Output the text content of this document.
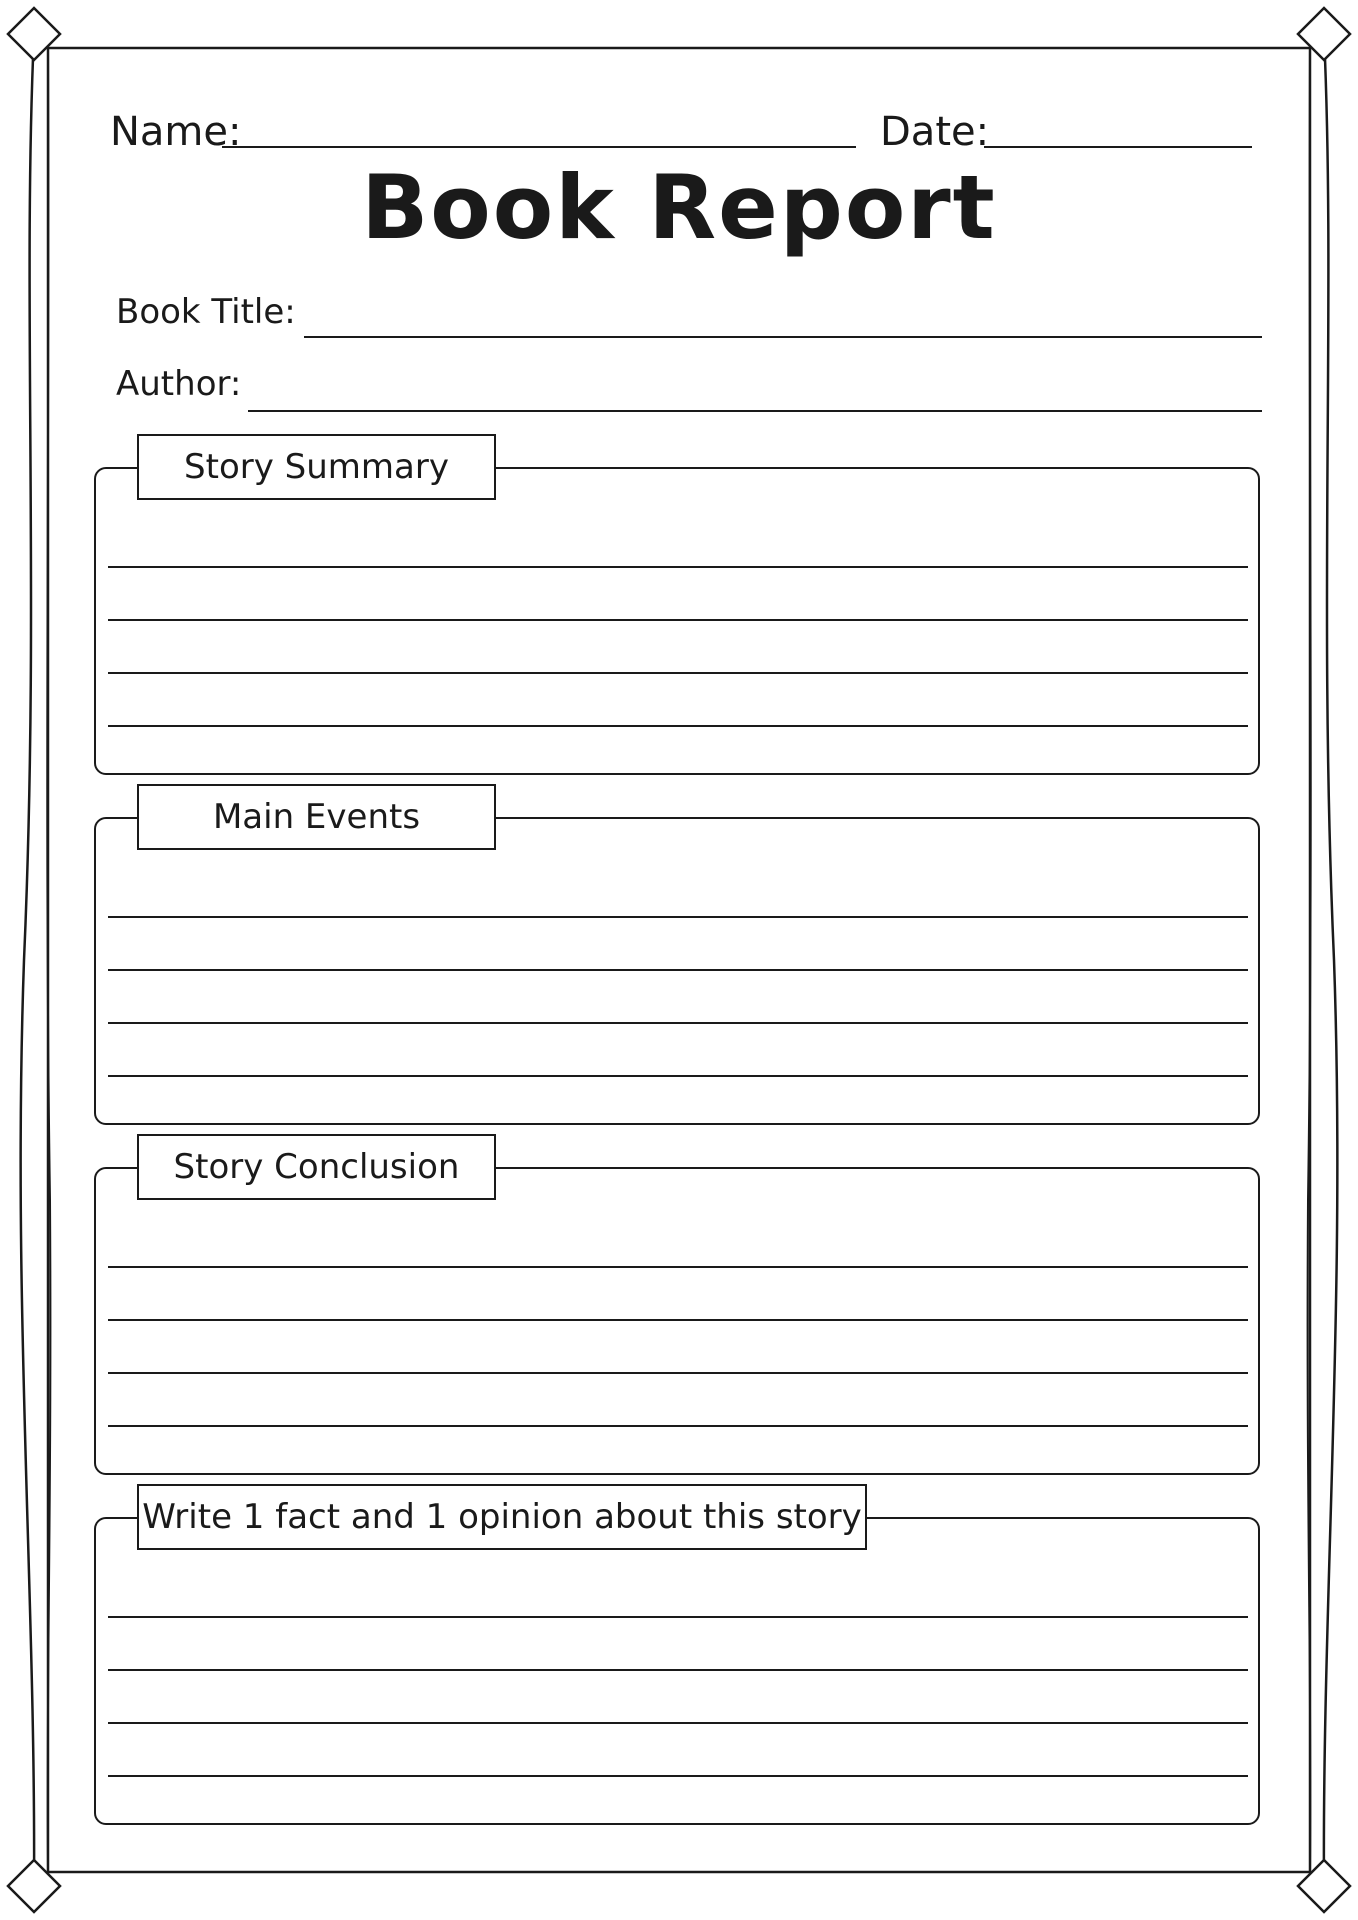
Name:	Date:
Book Report
Book Title:
Author:
Story Summary
Main Events
Story Conclusion
Write 1 fact and 1 opinion about this story
